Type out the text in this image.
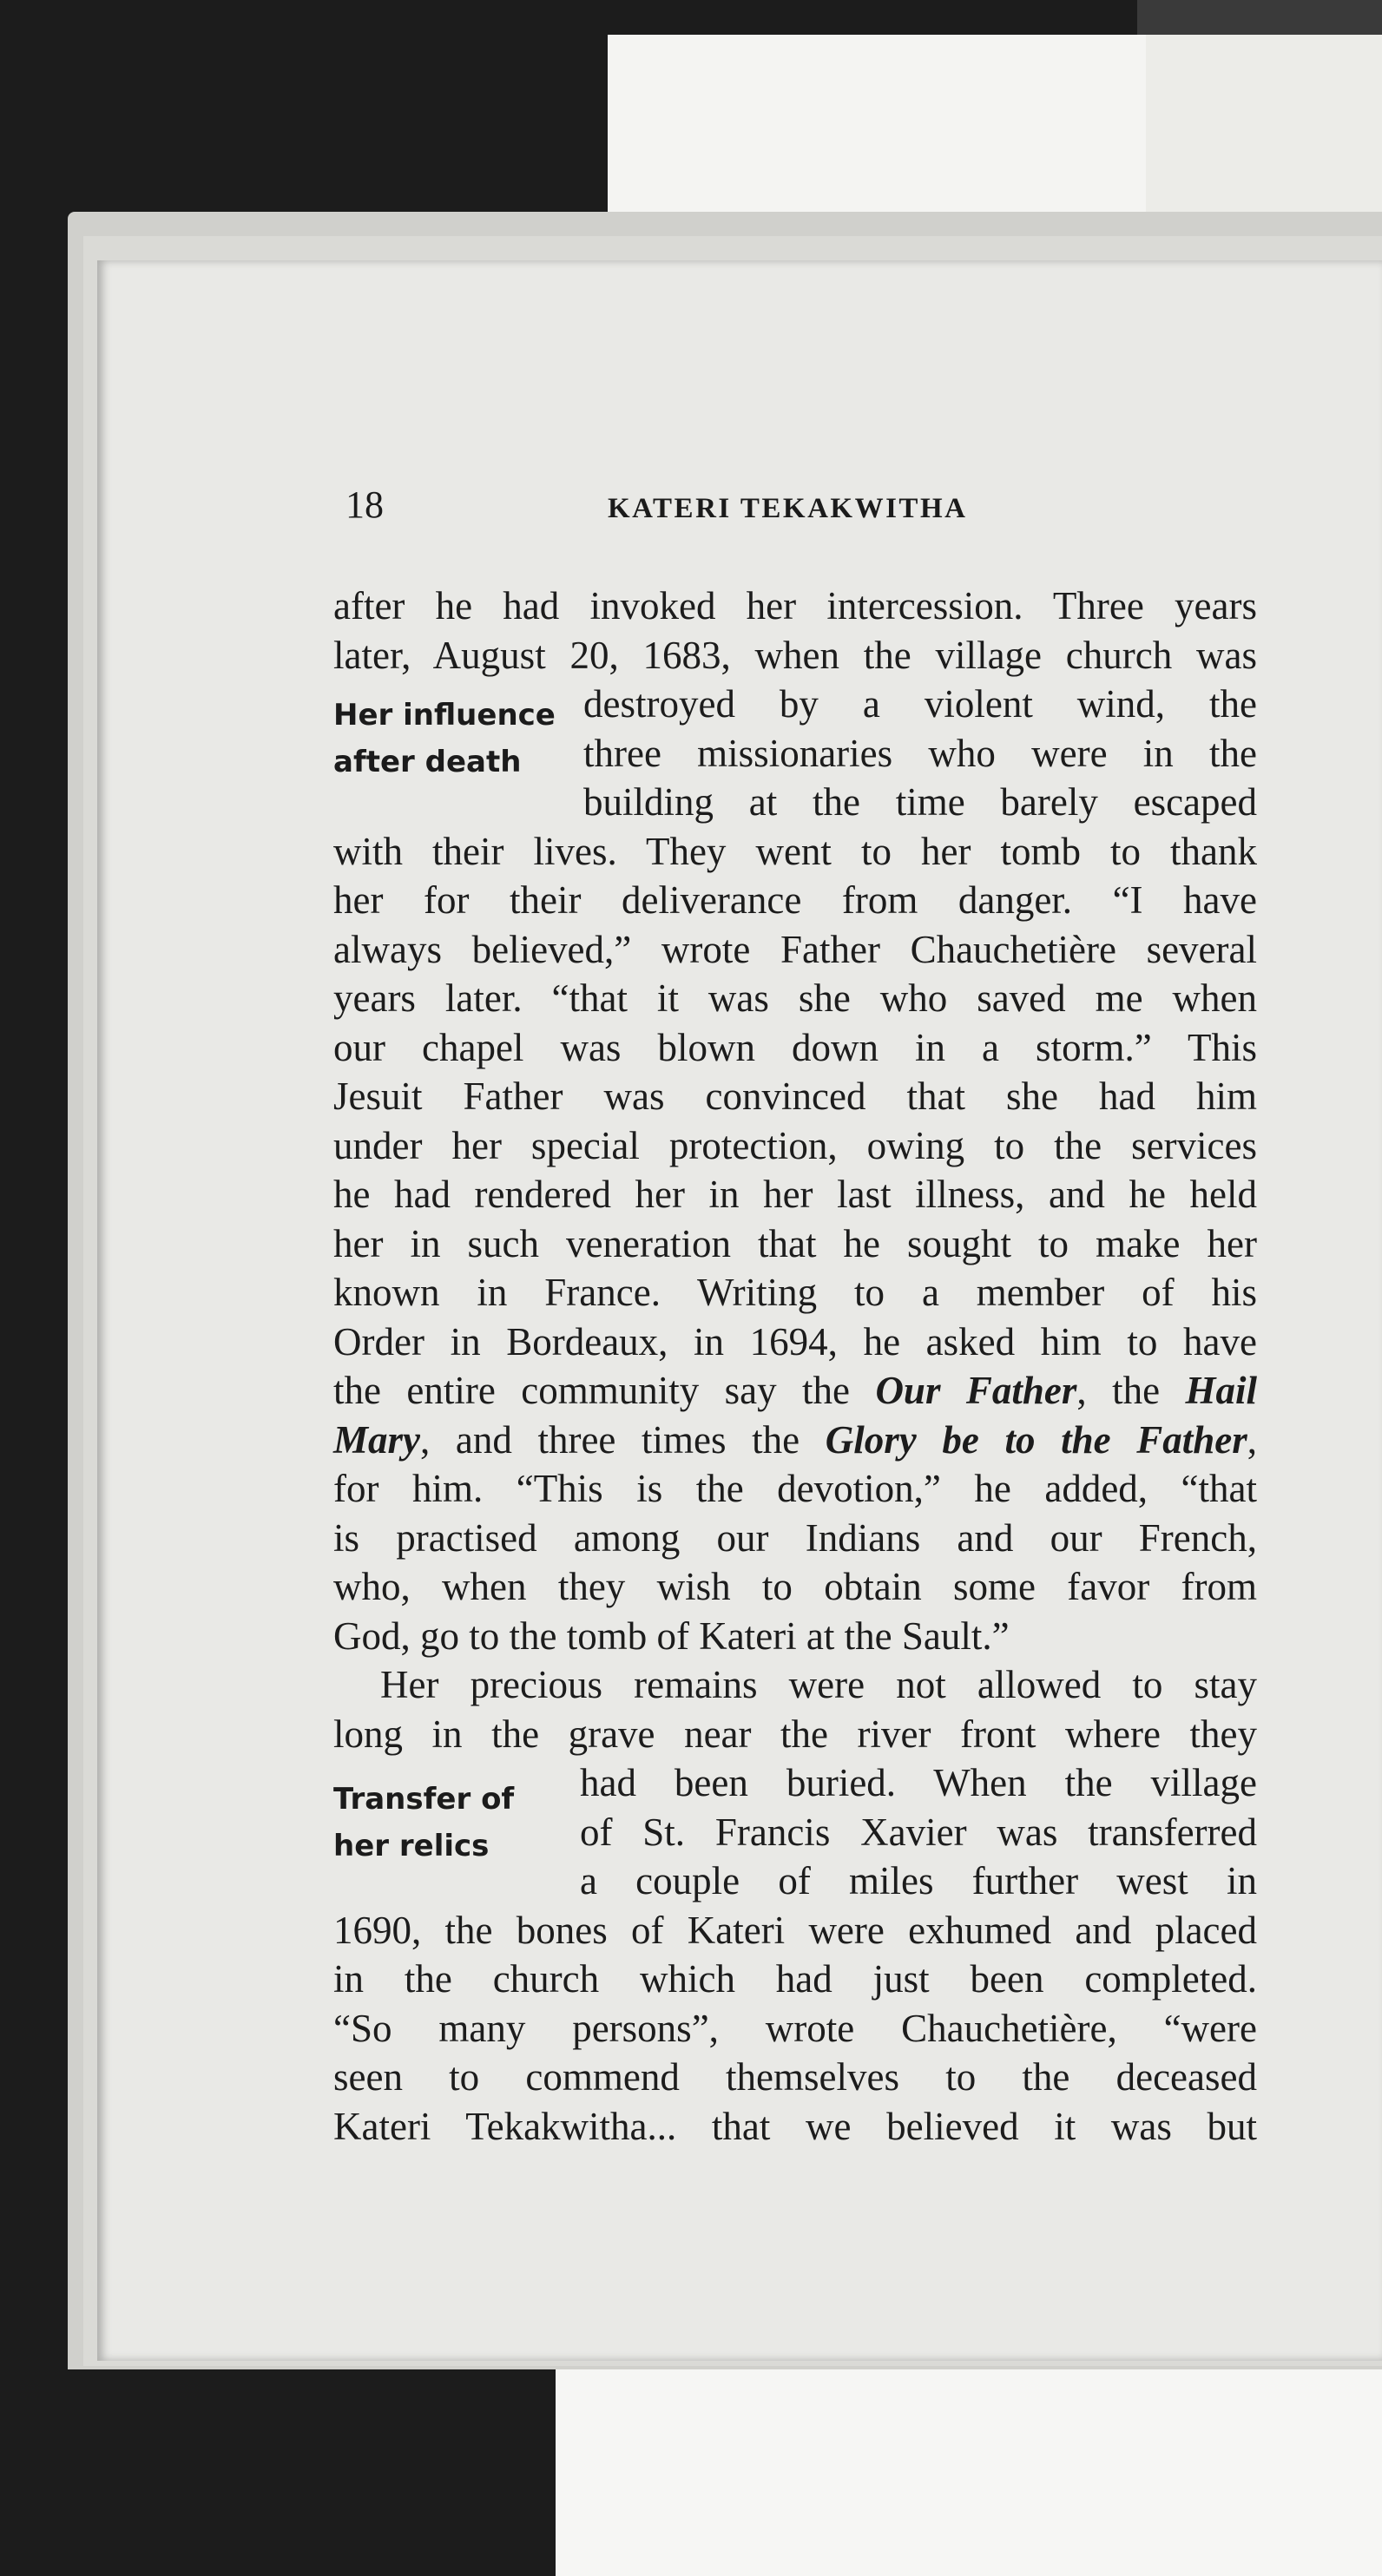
18	KATERI TEKAKWITHA

after he had invoked her intercession. Three years
later, August 20, 1683, when the village church was

Her influence
after death

destroyed by a violent wind, the
three missionaries who were in the
building at the time barely escaped
with their lives. They went to her tomb to thank
her for their deliverance from danger. “I have
always believed,” wrote Father Chauchetière several
years later. “that it was she who saved me when
our chapel was blown down in a storm.” This
Jesuit Father was convinced that she had him
under her special protection, owing to the services
he had rendered her in her last illness, and he held
her in such veneration that he sought to make her
known in France. Writing to a member of his
Order in Bordeaux, in 1694, he asked him to have
the entire community say the Our Father, the Hail
Mary, and three times the Glory be to the Father,
for him. “This is the devotion,” he added, “that
is practised among our Indians and our French,
who, when they wish to obtain some favor from
God, go to the tomb of Kateri at the Sault.”
Her precious remains were not allowed to stay
long in the grave near the river front where they

Transfer of
her relics

had been buried. When the village
of St. Francis Xavier was transferred
a couple of miles further west in
1690, the bones of Kateri were exhumed and placed
in the church which had just been completed.
“So many persons”, wrote Chauchetière, “were
seen to commend themselves to the deceased
Kateri Tekakwitha... that we believed it was but
